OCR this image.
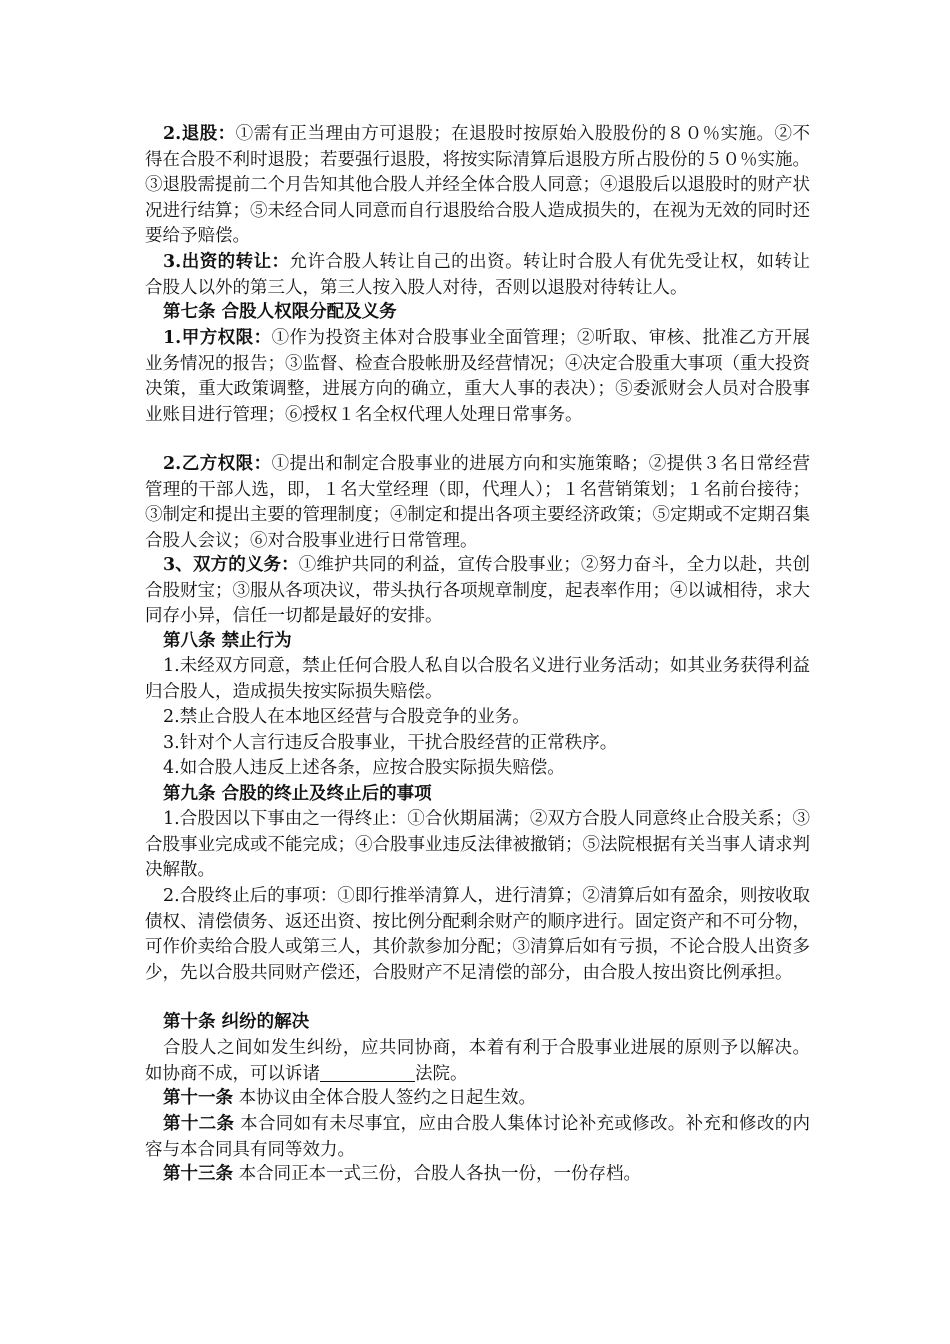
2.退股：①需有正当理由方可退股；在退股时按原始入股股份的８０％实施。②不得在合股不利时退股；若要强行退股，将按实际清算后退股方所占股份的５０％实施。③退股需提前二个月告知其他合股人并经全体合股人同意；④退股后以退股时的财产状况进行结算；⑤未经合同人同意而自行退股给合股人造成损失的，在视为无效的同时还要给予赔偿。
3.出资的转让：允许合股人转让自己的出资。转让时合股人有优先受让权，如转让合股人以外的第三人，第三人按入股人对待，否则以退股对待转让人。
第七条 合股人权限分配及义务
1.甲方权限：①作为投资主体对合股事业全面管理；②听取、审核、批准乙方开展业务情况的报告；③监督、检查合股帐册及经营情况；④决定合股重大事项（重大投资决策，重大政策调整，进展方向的确立，重大人事的表决）；⑤委派财会人员对合股事业账目进行管理；⑥授权１名全权代理人处理日常事务。
2.乙方权限：①提出和制定合股事业的进展方向和实施策略；②提供３名日常经营管理的干部人选，即，１名大堂经理（即，代理人）；１名营销策划；１名前台接待；③制定和提出主要的管理制度；④制定和提出各项主要经济政策；⑤定期或不定期召集合股人会议；⑥对合股事业进行日常管理。
3、双方的义务：①维护共同的利益，宣传合股事业；②努力奋斗，全力以赴，共创合股财宝；③服从各项决议，带头执行各项规章制度，起表率作用；④以诚相待，求大同存小异，信任一切都是最好的安排。
第八条 禁止行为
1.未经双方同意，禁止任何合股人私自以合股名义进行业务活动；如其业务获得利益归合股人，造成损失按实际损失赔偿。
2.禁止合股人在本地区经营与合股竞争的业务。
3.针对个人言行违反合股事业，干扰合股经营的正常秩序。
4.如合股人违反上述各条，应按合股实际损失赔偿。
第九条 合股的终止及终止后的事项
1.合股因以下事由之一得终止：①合伙期届满；②双方合股人同意终止合股关系；③合股事业完成或不能完成；④合股事业违反法律被撤销；⑤法院根据有关当事人请求判决解散。
2.合股终止后的事项：①即行推举清算人，进行清算；②清算后如有盈余，则按收取债权、清偿债务、返还出资、按比例分配剩余财产的顺序进行。固定资产和不可分物，可作价卖给合股人或第三人，其价款参加分配；③清算后如有亏损，不论合股人出资多少，先以合股共同财产偿还，合股财产不足清偿的部分，由合股人按出资比例承担。
第十条 纠纷的解决
合股人之间如发生纠纷，应共同协商，本着有利于合股事业进展的原则予以解决。如协商不成，可以诉诸	法院。
第十一条 本协议由全体合股人签约之日起生效。
第十二条 本合同如有未尽事宜，应由合股人集体讨论补充或修改。补充和修改的内容与本合同具有同等效力。
第十三条 本合同正本一式三份，合股人各执一份，一份存档。
